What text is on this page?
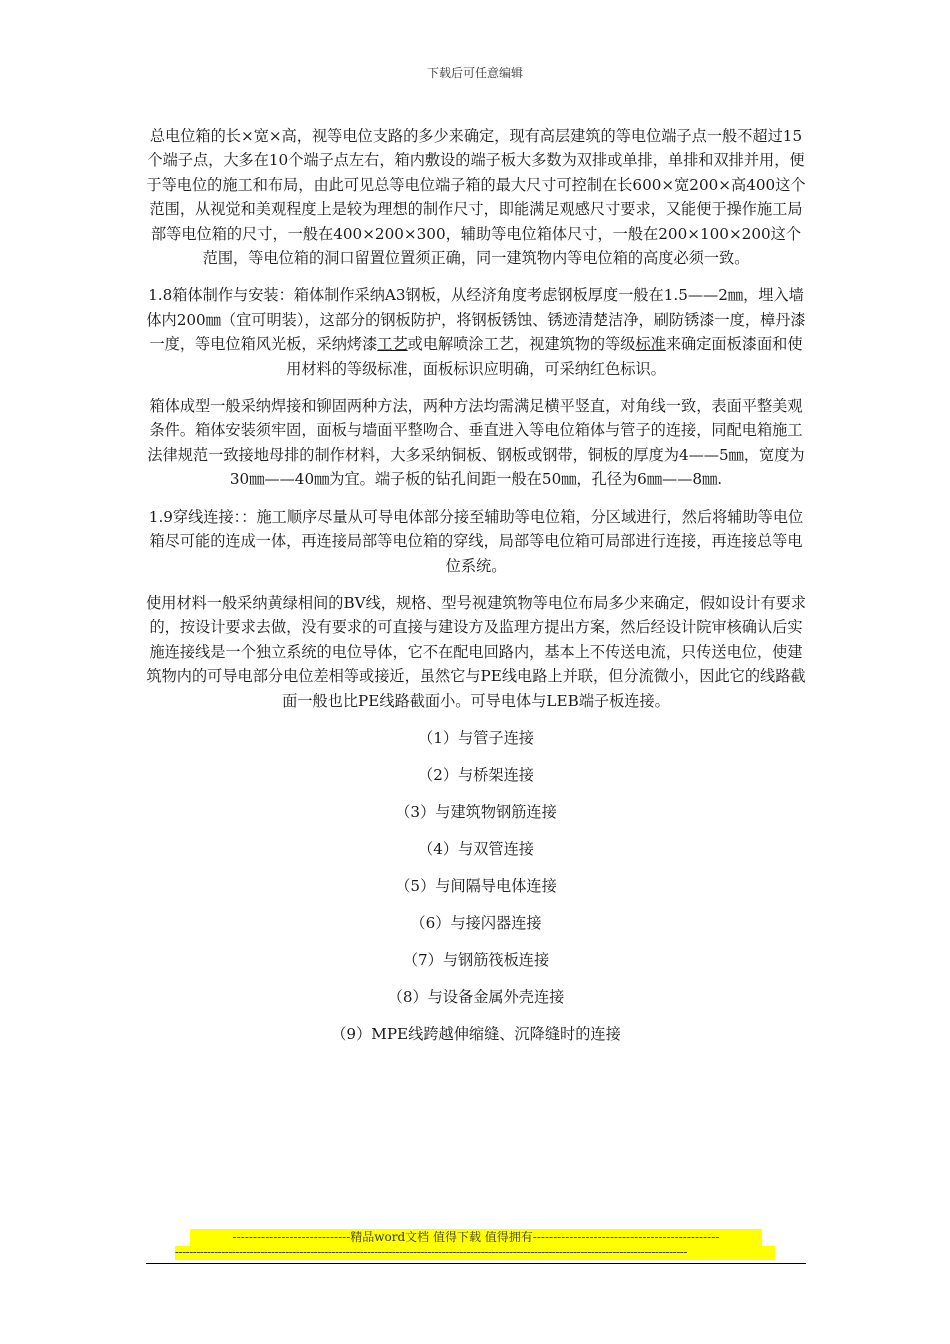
下载后可任意编辑

总电位箱的长×宽×高，视等电位支路的多少来确定，现有高层建筑的等电位端子点一般不超过15个端子点，大多在10个端子点左右，箱内敷设的端子板大多数为双排或单排，单排和双排并用，便于等电位的施工和布局，由此可见总等电位端子箱的最大尺寸可控制在长600×宽200×高400这个范围，从视觉和美观程度上是较为理想的制作尺寸，即能满足观感尺寸要求，又能便于操作施工局部等电位箱的尺寸，一般在400×200×300，辅助等电位箱体尺寸，一般在200×100×200这个范围，等电位箱的洞口留置位置须正确，同一建筑物内等电位箱的高度必须一致。

1.8箱体制作与安装：箱体制作采纳A3钢板，从经济角度考虑钢板厚度一般在1.5——2㎜，埋入墙体内200㎜（宜可明装），这部分的钢板防护，将钢板锈蚀、锈迹清楚洁净，刷防锈漆一度，樟丹漆一度，等电位箱风光板，采纳烤漆工艺或电解喷涂工艺，视建筑物的等级标准来确定面板漆面和使用材料的等级标准，面板标识应明确，可采纳红色标识。

箱体成型一般采纳焊接和铆固两种方法，两种方法均需满足横平竖直，对角线一致，表面平整美观条件。箱体安装须牢固，面板与墙面平整吻合、垂直进入等电位箱体与管子的连接，同配电箱施工法律规范一致接地母排的制作材料，大多采纳铜板、钢板或钢带，铜板的厚度为4——5㎜，宽度为30㎜——40㎜为宜。端子板的钻孔间距一般在50㎜，孔径为6㎜——8㎜.

1.9穿线连接：：施工顺序尽量从可导电体部分接至辅助等电位箱，分区域进行，然后将辅助等电位箱尽可能的连成一体，再连接局部等电位箱的穿线，局部等电位箱可局部进行连接，再连接总等电位系统。

使用材料一般采纳黄绿相间的BV线，规格、型号视建筑物等电位布局多少来确定，假如设计有要求的，按设计要求去做，没有要求的可直接与建设方及监理方提出方案，然后经设计院审核确认后实施连接线是一个独立系统的电位导体，它不在配电回路内，基本上不传送电流，只传送电位，使建筑物内的可导电部分电位差相等或接近，虽然它与PE线电路上并联，但分流微小，因此它的线路截面一般也比PE线路截面小。可导电体与LEB端子板连接。

（1）与管子连接
（2）与桥架连接
（3）与建筑物钢筋连接
（4）与双管连接
（5）与间隔导电体连接
（6）与接闪器连接
（7）与钢筋筏板连接
（8）与设备金属外壳连接
（9）MPE线跨越伸缩缝、沉降缝时的连接
-----------------------------精品word文档 值得下载 值得拥有----------------------------------------------
------------------------------------------------------------------------------------------------------------------------------------------------
